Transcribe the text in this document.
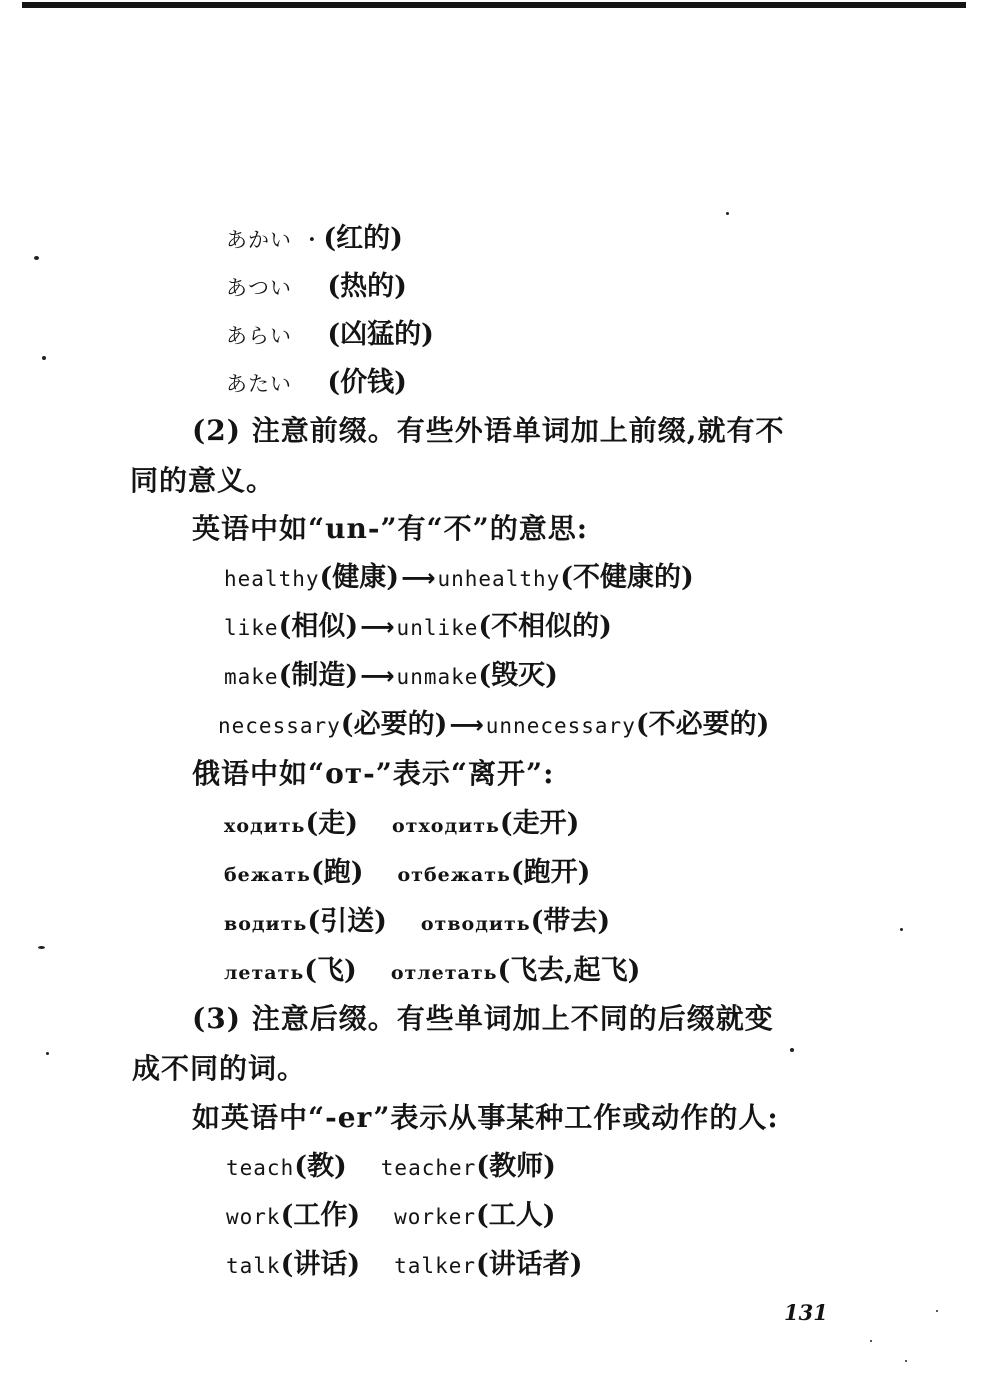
あかい ・(红的)
あつい (热的)
あらい (凶猛的)
あたい (价钱)
(2) 注意前缀。有些外语单词加上前缀,就有不
同的意义。
英语中如“un-”有“不”的意思:
healthy(健康)⟶unhealthy(不健康的)
like(相似)⟶unlike(不相似的)
make(制造)⟶unmake(毁灭)
necessary(必要的)⟶unnecessary(不必要的)
俄语中如“от-”表示“离开”:
ходить(走) отходить(走开)
бежать(跑) отбежать(跑开)
водить(引送) отводить(带去)
летать(飞) отлетать(飞去,起飞)
(3) 注意后缀。有些单词加上不同的后缀就变
成不同的词。
如英语中“-er”表示从事某种工作或动作的人:
teach(教) teacher(教师)
work(工作) worker(工人)
talk(讲话) talker(讲话者)
131
